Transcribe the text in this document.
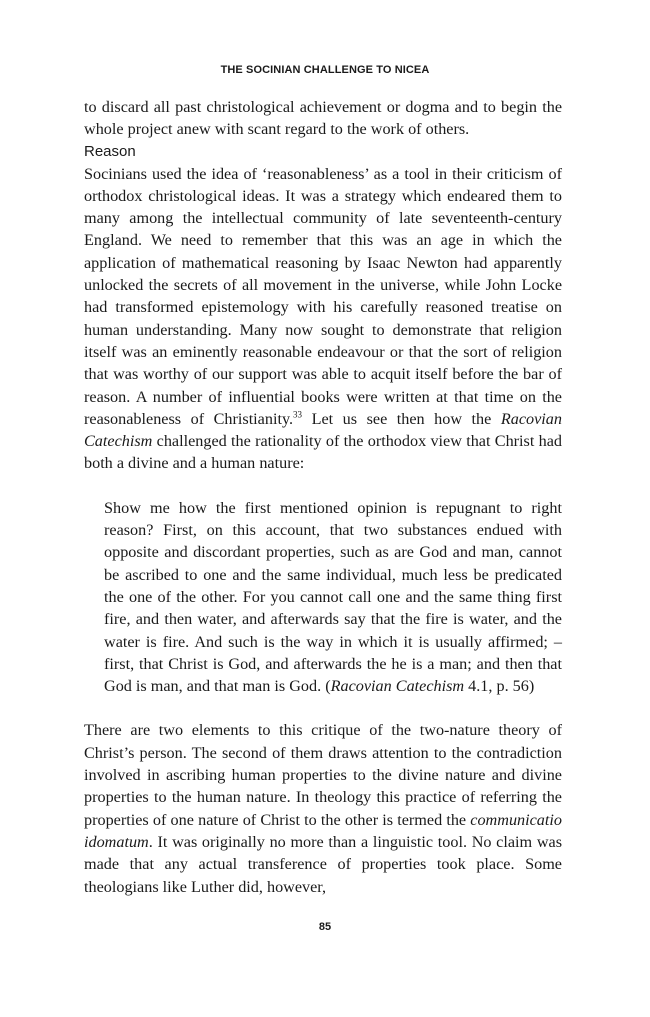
THE SOCINIAN CHALLENGE TO NICEA

to discard all past christological achievement or dogma and to begin the whole project anew with scant regard to the work of others.

Reason

Socinians used the idea of ‘reasonableness’ as a tool in their criticism of orthodox christological ideas. It was a strategy which endeared them to many among the intellectual community of late seventeenth-century England. We need to remember that this was an age in which the application of mathematical reasoning by Isaac Newton had apparently unlocked the secrets of all movement in the universe, while John Locke had transformed epistemology with his carefully reasoned treatise on human understanding. Many now sought to demonstrate that religion itself was an eminently reasonable endeavour or that the sort of religion that was worthy of our support was able to acquit itself before the bar of reason. A number of influential books were written at that time on the reasonableness of Christianity.$^{33}$ Let us see then how the Racovian Catechism challenged the rationality of the orthodox view that Christ had both a divine and a human nature:

Show me how the first mentioned opinion is repugnant to right reason? First, on this account, that two substances endued with opposite and discordant properties, such as are God and man, cannot be ascribed to one and the same individual, much less be predicated the one of the other. For you cannot call one and the same thing first fire, and then water, and afterwards say that the fire is water, and the water is fire. And such is the way in which it is usually affirmed; – first, that Christ is God, and afterwards the he is a man; and then that God is man, and that man is God. (Racovian Catechism 4.1, p. 56)

There are two elements to this critique of the two-nature theory of Christ’s person. The second of them draws attention to the contradiction involved in ascribing human properties to the divine nature and divine properties to the human nature. In theology this practice of referring the properties of one nature of Christ to the other is termed the communicatio idomatum. It was originally no more than a linguistic tool. No claim was made that any actual transference of properties took place. Some theologians like Luther did, however,

85
